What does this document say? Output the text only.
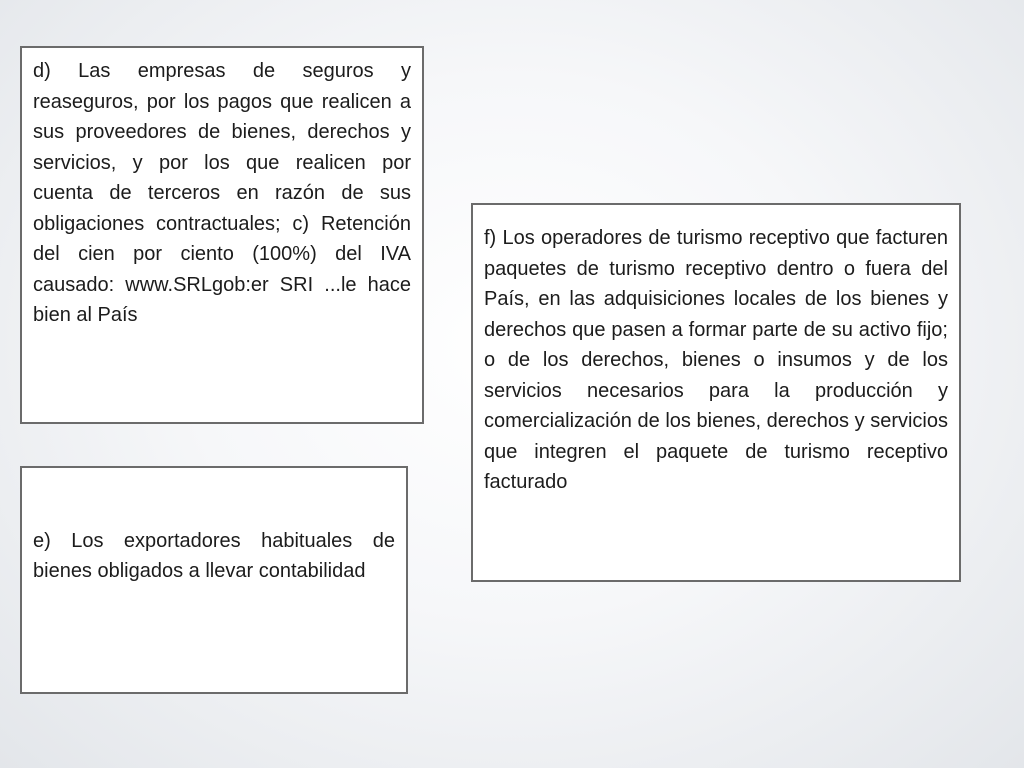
d) Las empresas de seguros y reaseguros, por los pagos que realicen a sus proveedores de bienes, derechos y servicios, y por los que realicen por cuenta de terceros en razón de sus obligaciones contractuales; c) Retención del cien por ciento (100%) del IVA causado: www.SRLgob:er SRI ...le hace bien al País

e) Los exportadores habituales de bienes obligados a llevar contabilidad

f) Los operadores de turismo receptivo que facturen paquetes de turismo receptivo dentro o fuera del País, en las adquisiciones locales de los bienes y derechos que pasen a formar parte de su activo fijo; o de los derechos, bienes o insumos y de los servicios necesarios para la producción y comercialización de los bienes, derechos y servicios que integren el paquete de turismo receptivo facturado
